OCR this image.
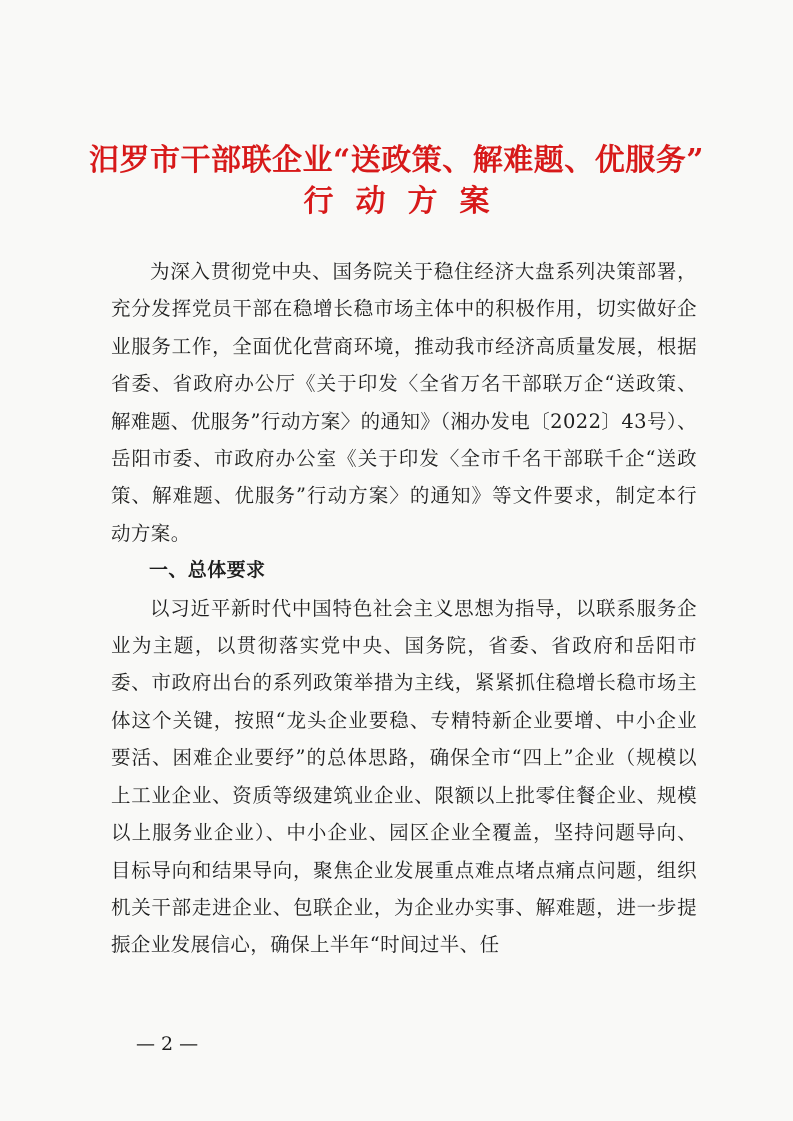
汨罗市干部联企业“送政策、解难题、优服务”
行动方案

为深入贯彻党中央、国务院关于稳住经济大盘系列决策部署，充分发挥党员干部在稳增长稳市场主体中的积极作用，切实做好企业服务工作，全面优化营商环境，推动我市经济高质量发展，根据省委、省政府办公厅《关于印发〈全省万名干部联万企“送政策、解难题、优服务”行动方案〉的通知》（湘办发电〔2022〕43号）、岳阳市委、市政府办公室《关于印发〈全市千名干部联千企“送政策、解难题、优服务”行动方案〉的通知》等文件要求，制定本行动方案。

一、总体要求

以习近平新时代中国特色社会主义思想为指导，以联系服务企业为主题，以贯彻落实党中央、国务院，省委、省政府和岳阳市委、市政府出台的系列政策举措为主线，紧紧抓住稳增长稳市场主体这个关键，按照“龙头企业要稳、专精特新企业要增、中小企业要活、困难企业要纾”的总体思路，确保全市“四上”企业（规模以上工业企业、资质等级建筑业企业、限额以上批零住餐企业、规模以上服务业企业）、中小企业、园区企业全覆盖，坚持问题导向、目标导向和结果导向，聚焦企业发展重点难点堵点痛点问题，组织机关干部走进企业、包联企业，为企业办实事、解难题，进一步提振企业发展信心，确保上半年“时间过半、任

— 2 —
